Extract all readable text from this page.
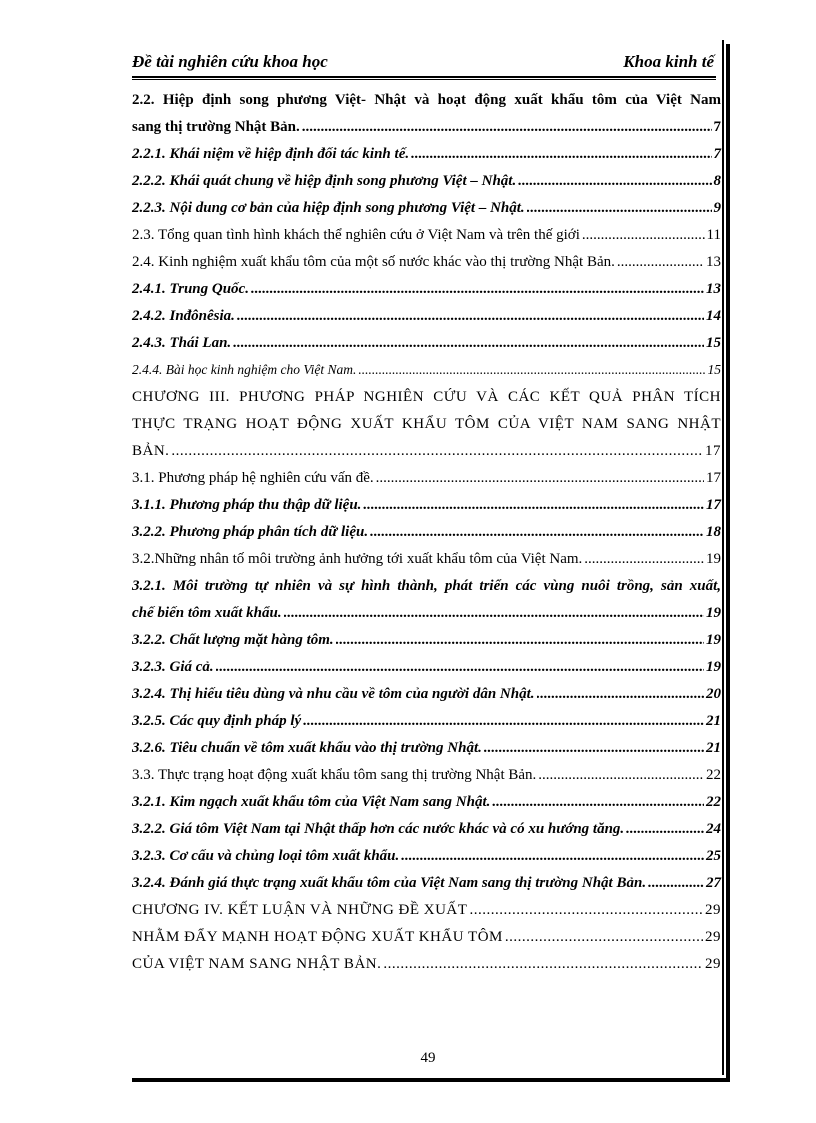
Đề tài nghiên cứu khoa học	Khoa kinh tế
2.2. Hiệp định song phương Việt- Nhật và hoạt động xuất khẩu tôm của Việt Nam
sang thị trường Nhật Bản. .....	7
2.2.1. Khái niệm về hiệp định đối tác kinh tế. .....	7
2.2.2. Khái quát chung về hiệp định song phương Việt – Nhật. .....	8
2.2.3. Nội dung cơ bản của hiệp định song phương Việt – Nhật. .....	9
2.3. Tổng quan tình hình khách thể nghiên cứu ở Việt Nam và trên thế giới .....	11
2.4. Kinh nghiệm xuất khẩu tôm của một số nước khác vào thị trường Nhật Bản. .....	13
2.4.1. Trung Quốc. .....	13
2.4.2. Inđônêsia. .....	14
2.4.3. Thái Lan. .....	15
2.4.4. Bài học kinh nghiệm cho Việt Nam. .....	15
CHƯƠNG III. PHƯƠNG PHÁP NGHIÊN CỨU VÀ CÁC KẾT QUẢ PHÂN TÍCH
THỰC TRẠNG HOẠT ĐỘNG XUẤT KHẨU TÔM CỦA VIỆT NAM SANG NHẬT
BẢN. .....	17
3.1. Phương pháp hệ nghiên cứu vấn đề. .....	17
3.1.1. Phương pháp thu thập dữ liệu. .....	17
3.2.2. Phương pháp phân tích dữ liệu. .....	18
3.2.Những nhân tố môi trường ảnh hưởng tới xuất khẩu tôm của Việt Nam. .....	19
3.2.1. Môi trường tự nhiên và sự hình thành, phát triển các vùng nuôi trồng, sản xuất,
chế biến tôm xuất khẩu. .....	19
3.2.2. Chất lượng mặt hàng tôm. .....	19
3.2.3. Giá cả. .....	19
3.2.4. Thị hiếu tiêu dùng và nhu cầu về tôm của người dân Nhật. .....	20
3.2.5. Các quy định pháp lý .....	21
3.2.6. Tiêu chuẩn về tôm xuất khẩu vào thị trường Nhật. .....	21
3.3. Thực trạng hoạt động xuất khẩu tôm sang thị trường Nhật Bản. .....	22
3.2.1. Kim ngạch xuất khẩu tôm của Việt Nam sang Nhật. .....	22
3.2.2. Giá tôm Việt Nam tại Nhật thấp hơn các nước khác và có xu hướng tăng. .....	24
3.2.3. Cơ cấu và chủng loại tôm xuất khẩu. .....	25
3.2.4. Đánh giá thực trạng xuất khẩu tôm của Việt Nam sang thị trường Nhật Bản. .....	27
CHƯƠNG IV. KẾT LUẬN VÀ NHỮNG ĐỀ XUẤT .....	29
NHẰM ĐẨY MẠNH HOẠT ĐỘNG XUẤT KHẨU TÔM .....	29
CỦA VIỆT NAM SANG NHẬT BẢN. .....	29
49
